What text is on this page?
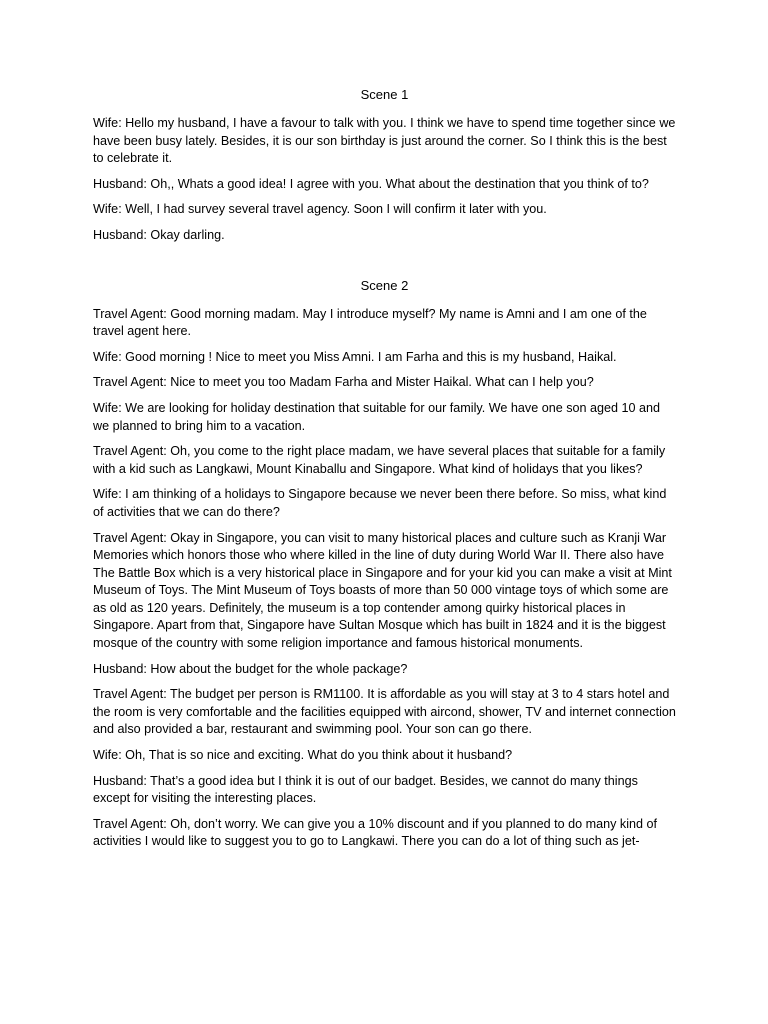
Scene 1

Wife: Hello my husband, I have a favour to talk with you. I think we have to spend time together since we have been busy lately. Besides, it is our son birthday is just around the corner. So I think this is the best to celebrate it.

Husband: Oh,, Whats a good idea! I agree with you. What about the destination that you think of to?

Wife: Well, I had survey several travel agency. Soon I will confirm it later with you.

Husband: Okay darling.

Scene 2

Travel Agent: Good morning madam. May I introduce myself? My name is Amni and I am one of the travel agent here.

Wife: Good morning ! Nice to meet you Miss Amni. I am Farha and this is my husband, Haikal.

Travel Agent: Nice to meet you too Madam Farha and Mister Haikal. What can I help you?

Wife: We are looking for holiday destination that suitable for our family. We have one son aged 10 and we planned to bring him to a vacation.

Travel Agent: Oh, you come to the right place madam, we have several places that suitable for a family with a kid such as Langkawi, Mount Kinaballu and Singapore. What kind of holidays that you likes?

Wife: I am thinking of a holidays to Singapore because we never been there before. So miss, what kind of activities that we can do there?

Travel Agent: Okay in Singapore, you can visit to many historical places and culture such as Kranji War Memories which honors those who where killed in the line of duty during World War II. There also have The Battle Box which is a very historical place in Singapore and for your kid you can make a visit at Mint Museum of Toys. The Mint Museum of Toys boasts of more than 50 000 vintage toys of which some are as old as 120 years. Definitely, the museum is a top contender among quirky historical places in Singapore. Apart from that, Singapore have Sultan Mosque which has built in 1824 and it is the biggest mosque of the country with some religion importance and famous historical monuments.

Husband: How about the budget for the whole package?

Travel Agent: The budget per person is RM1100. It is affordable as you will stay at 3 to 4 stars hotel and the room is very comfortable and the facilities equipped with aircond, shower, TV and internet connection and also provided a bar, restaurant and swimming pool. Your son can go there.

Wife: Oh, That is so nice and exciting. What do you think about it husband?

Husband: That’s a good idea but I think it is out of our badget. Besides, we cannot do many things except for visiting the interesting places.

Travel Agent: Oh, don’t worry. We can give you a 10% discount and if you planned to do many kind of activities I would like to suggest you to go to Langkawi. There you can do a lot of thing such as jet-
